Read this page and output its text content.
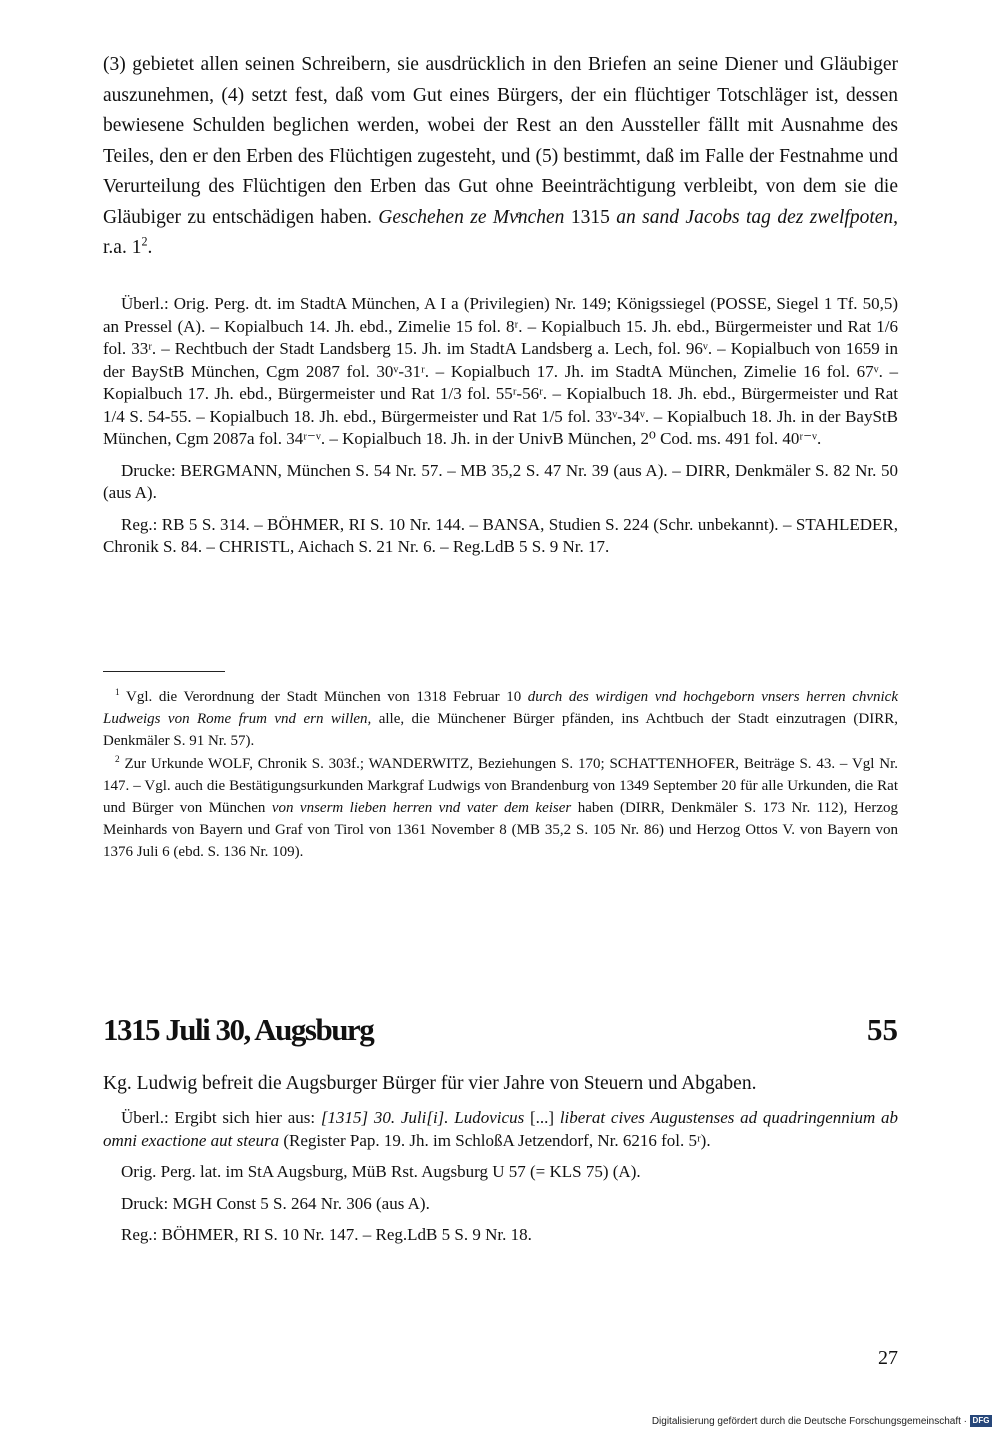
(3) gebietet allen seinen Schreibern, sie ausdrücklich in den Briefen an seine Diener und Gläubiger auszunehmen, (4) setzt fest, daß vom Gut eines Bürgers, der ein flüchtiger Totschläger ist, dessen bewiesene Schulden beglichen werden, wobei der Rest an den Aussteller fällt mit Ausnahme des Teiles, den er den Erben des Flüchtigen zugesteht, und (5) bestimmt, daß im Falle der Festnahme und Verurteilung des Flüchtigen den Erben das Gut ohne Beeinträchtigung verbleibt, von dem sie die Gläubiger zu entschädigen haben. Geschehen ze Mvͤnchen 1315 an sand Jacobs tag dez zwelfpoten, r.a. $1^2$.

Überl.: Orig. Perg. dt. im StadtA München, A I a (Privilegien) Nr. 149; Königssiegel (POSSE, Siegel 1 Tf. 50,5) an Pressel (A). – Kopialbuch 14. Jh. ebd., Zimelie 15 fol. 8ʳ. – Kopialbuch 15. Jh. ebd., Bürgermeister und Rat 1/6 fol. 33ʳ. – Rechtbuch der Stadt Landsberg 15. Jh. im StadtA Landsberg a. Lech, fol. 96ᵛ. – Kopialbuch von 1659 in der BayStB München, Cgm 2087 fol. 30ᵛ-31ʳ. – Kopialbuch 17. Jh. im StadtA München, Zimelie 16 fol. 67ᵛ. – Kopialbuch 17. Jh. ebd., Bürgermeister und Rat 1/3 fol. 55ʳ-56ʳ. – Kopialbuch 18. Jh. ebd., Bürgermeister und Rat 1/4 S. 54-55. – Kopialbuch 18. Jh. ebd., Bürgermeister und Rat 1/5 fol. 33ᵛ-34ᵛ. – Kopialbuch 18. Jh. in der BayStB München, Cgm 2087a fol. 34ʳ⁻ᵛ. – Kopialbuch 18. Jh. in der UnivB München, 2⁰ Cod. ms. 491 fol. 40ʳ⁻ᵛ.

Drucke: BERGMANN, München S. 54 Nr. 57. – MB 35,2 S. 47 Nr. 39 (aus A). – DIRR, Denkmäler S. 82 Nr. 50 (aus A).

Reg.: RB 5 S. 314. – BÖHMER, RI S. 10 Nr. 144. – BANSA, Studien S. 224 (Schr. unbekannt). – STAHLEDER, Chronik S. 84. – CHRISTL, Aichach S. 21 Nr. 6. – Reg.LdB 5 S. 9 Nr. 17.

$^1$ Vgl. die Verordnung der Stadt München von 1318 Februar 10 durch des wirdigen vnd hochgeborn vnsers herren chvnick Ludweigs von Rome frum vnd ern willen, alle, die Münchener Bürger pfänden, ins Achtbuch der Stadt einzutragen (DIRR, Denkmäler S. 91 Nr. 57).

$^2$ Zur Urkunde WOLF, Chronik S. 303f.; WANDERWITZ, Beziehungen S. 170; SCHATTENHOFER, Beiträge S. 43. – Vgl Nr. 147. – Vgl. auch die Bestätigungsurkunden Markgraf Ludwigs von Brandenburg von 1349 September 20 für alle Urkunden, die Rat und Bürger von München von vnserm lieben herren vnd vater dem keiser haben (DIRR, Denkmäler S. 173 Nr. 112), Herzog Meinhards von Bayern und Graf von Tirol von 1361 November 8 (MB 35,2 S. 105 Nr. 86) und Herzog Ottos V. von Bayern von 1376 Juli 6 (ebd. S. 136 Nr. 109).

1315 Juli 30, Augsburg	55

Kg. Ludwig befreit die Augsburger Bürger für vier Jahre von Steuern und Abgaben.

Überl.: Ergibt sich hier aus: [1315] 30. Juli[i]. Ludovicus [...] liberat cives Augustenses ad quadringennium ab omni exactione aut steura (Register Pap. 19. Jh. im SchloßA Jetzendorf, Nr. 6216 fol. 5ʳ).

Orig. Perg. lat. im StA Augsburg, MüB Rst. Augsburg U 57 (= KLS 75) (A).

Druck: MGH Const 5 S. 264 Nr. 306 (aus A).

Reg.: BÖHMER, RI S. 10 Nr. 147. – Reg.LdB 5 S. 9 Nr. 18.

27
Digitalisierung gefördert durch die Deutsche Forschungsgemeinschaft · DFG
